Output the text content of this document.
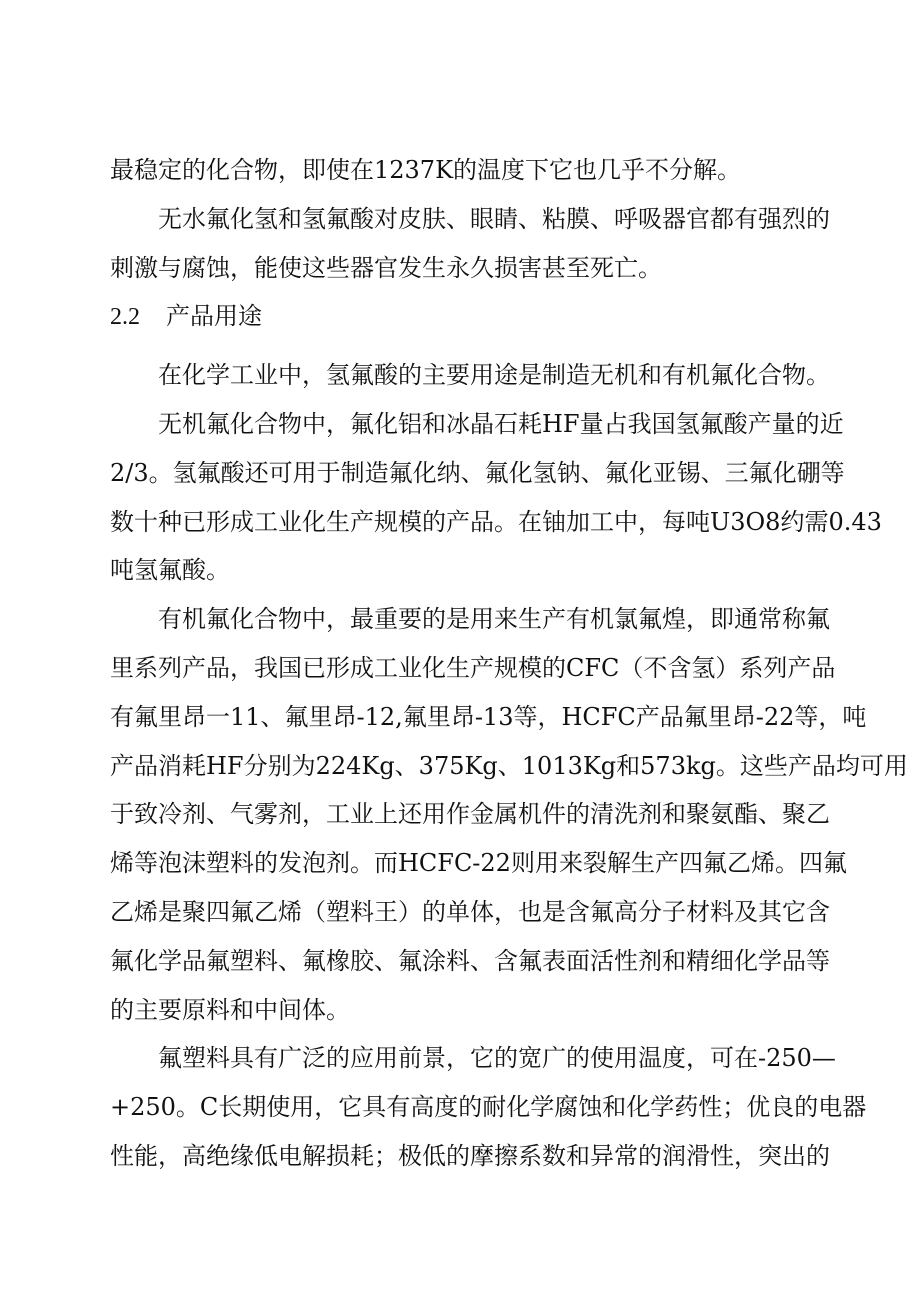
最稳定的化合物，即使在1237K的温度下它也几乎不分解。
无水氟化氢和氢氟酸对皮肤、眼睛、粘膜、呼吸器官都有强烈的
刺激与腐蚀，能使这些器官发生永久损害甚至死亡。
2.2 产品用途
在化学工业中，氢氟酸的主要用途是制造无机和有机氟化合物。
无机氟化合物中，氟化铝和冰晶石耗HF量占我国氢氟酸产量的近
2/3。氢氟酸还可用于制造氟化纳、氟化氢钠、氟化亚锡、三氟化硼等
数十种已形成工业化生产规模的产品。在铀加工中，每吨U3O8约需0.43
吨氢氟酸。
有机氟化合物中，最重要的是用来生产有机氯氟煌，即通常称氟
里系列产品，我国已形成工业化生产规模的CFC（不含氢）系列产品
有氟里昂一11、氟里昂-12,氟里昂-13等，HCFC产品氟里昂-22等，吨
产品消耗HF分别为224Kg、375Kg、1013Kg和573kg。这些产品均可用
于致冷剂、气雾剂，工业上还用作金属机件的清洗剂和聚氨酯、聚乙
烯等泡沫塑料的发泡剂。而HCFC-22则用来裂解生产四氟乙烯。四氟
乙烯是聚四氟乙烯（塑料王）的单体，也是含氟高分子材料及其它含
氟化学品氟塑料、氟橡胶、氟涂料、含氟表面活性剂和精细化学品等
的主要原料和中间体。
氟塑料具有广泛的应用前景，它的宽广的使用温度，可在-250—
+250。C长期使用，它具有高度的耐化学腐蚀和化学药性；优良的电器
性能，高绝缘低电解损耗；极低的摩擦系数和异常的润滑性，突出的
